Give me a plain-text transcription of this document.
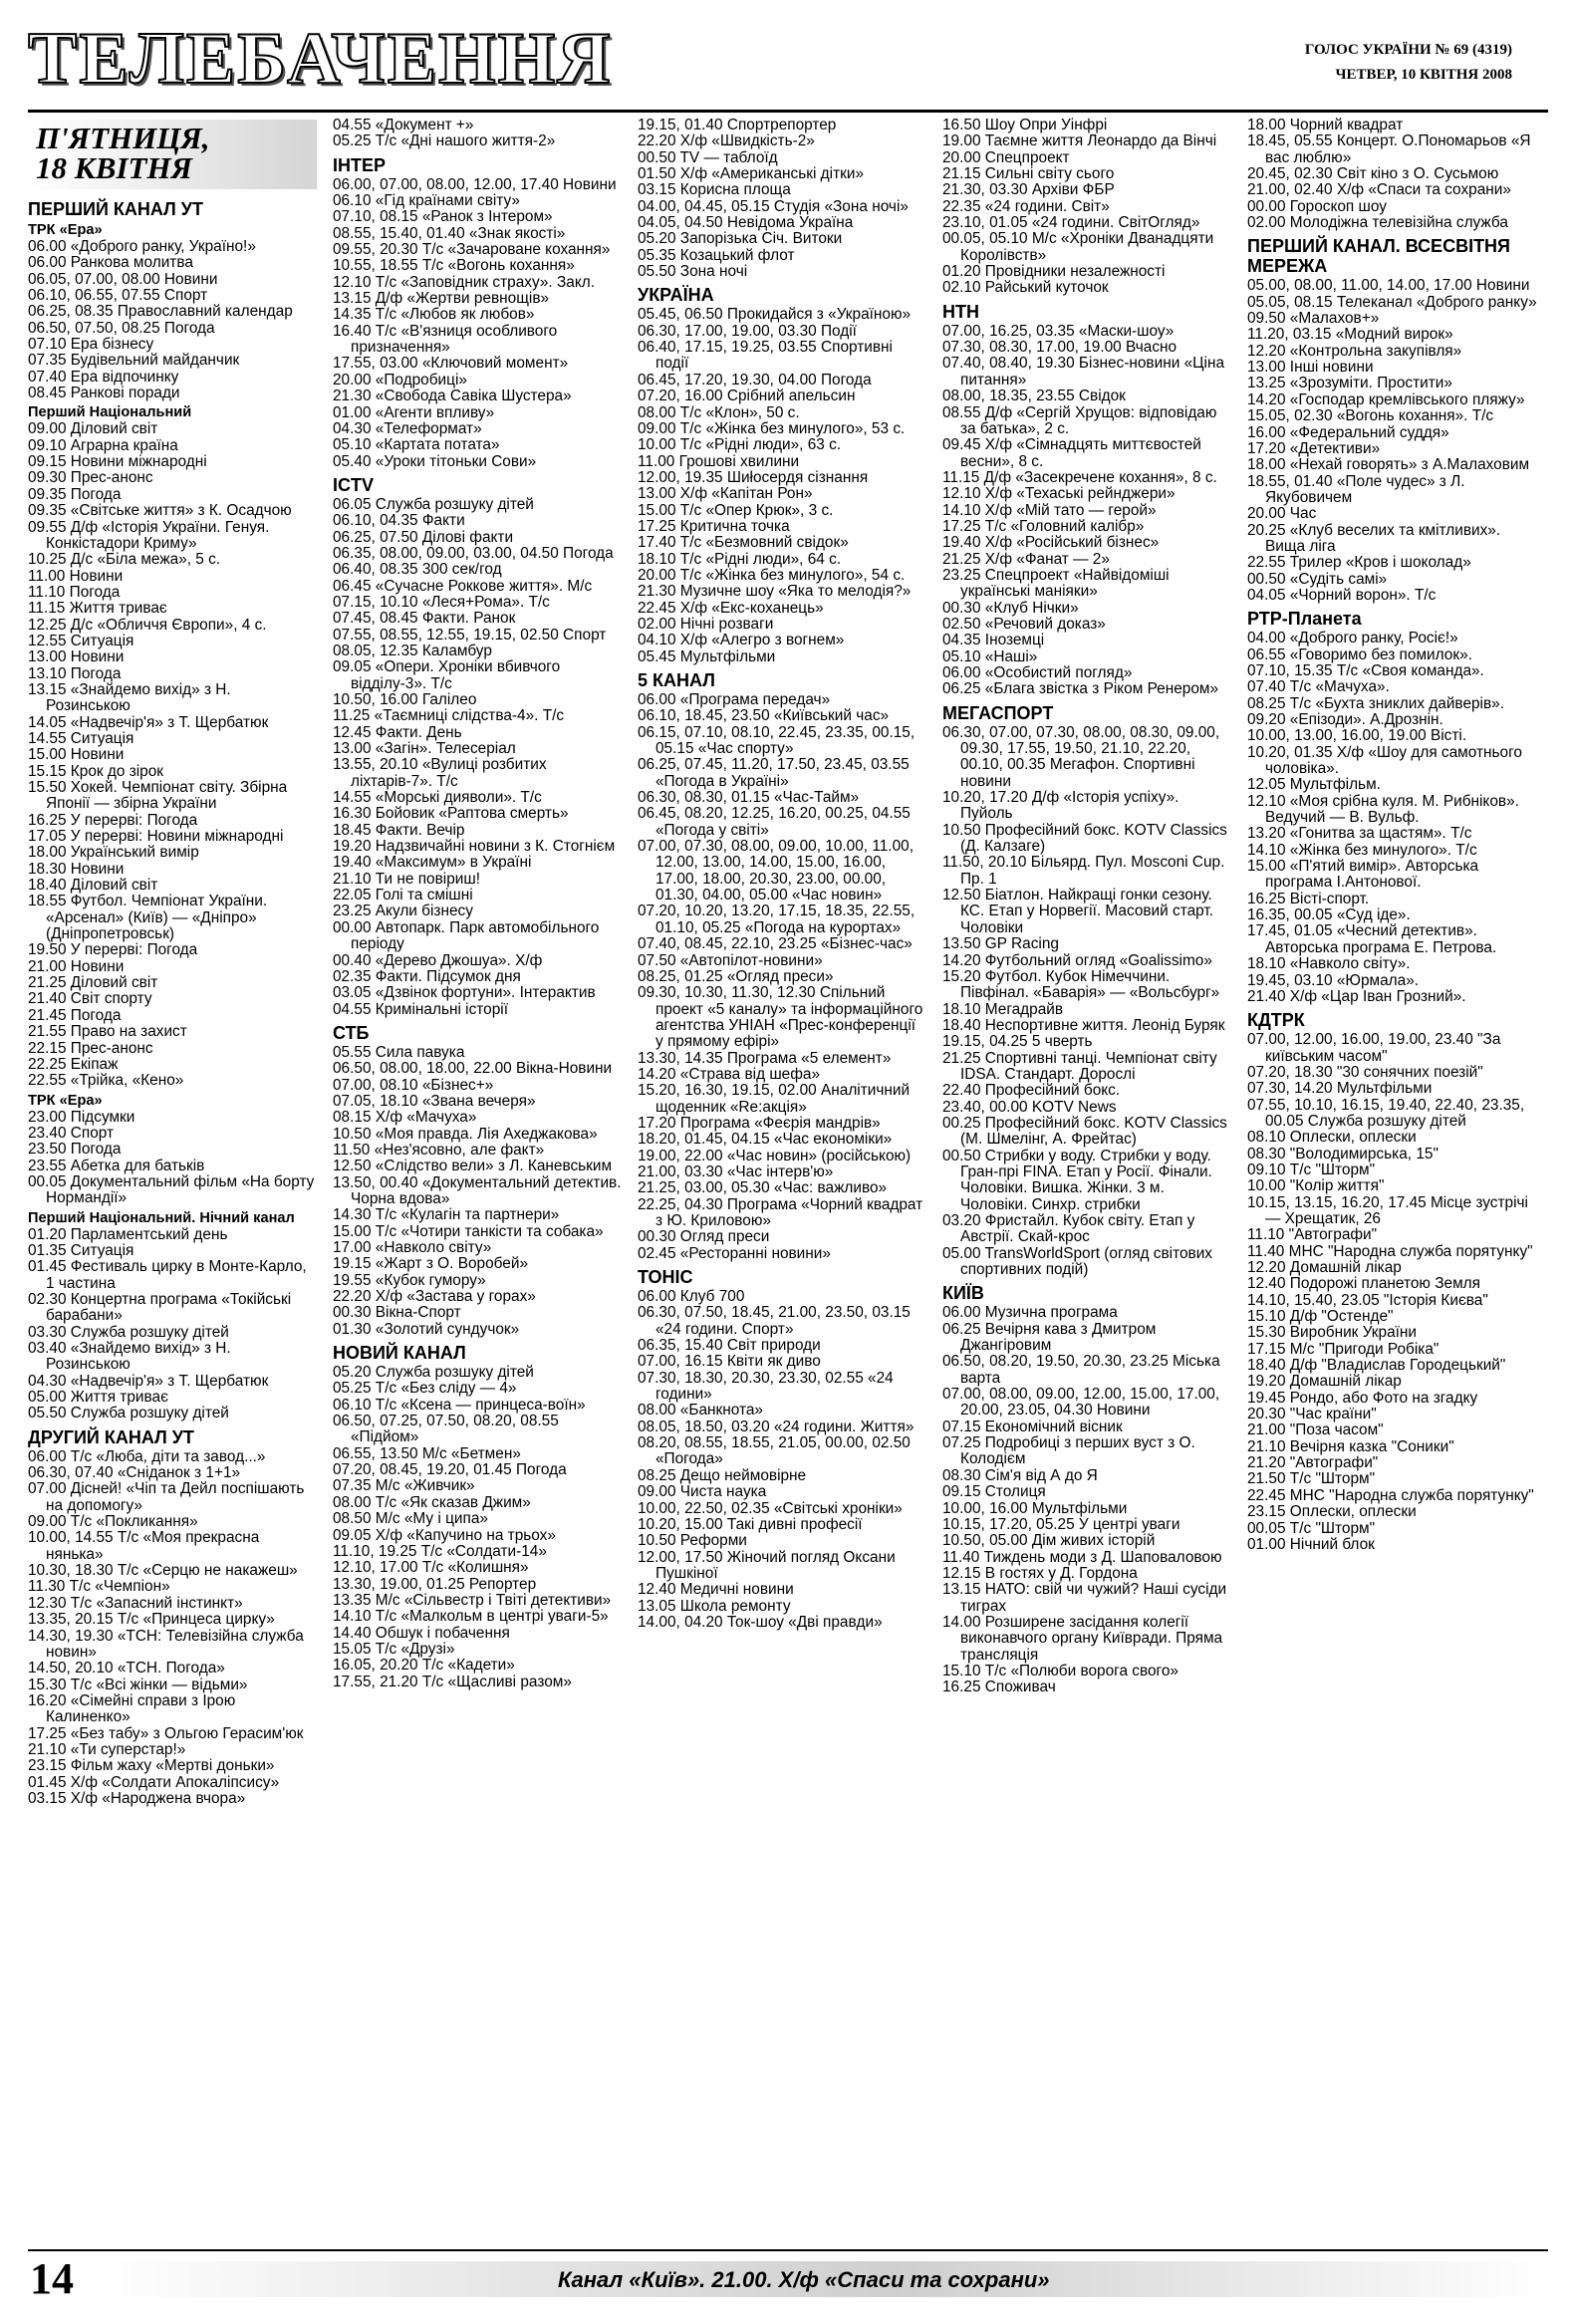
ТЕЛЕБАЧЕННЯ	ГОЛОС УКРАЇНИ № 69 (4319)
ЧЕТВЕР, 10 КВІТНЯ 2008
П'ЯТНИЦЯ,
18 КВІТНЯ
ПЕРШИЙ КАНАЛ УТ
ТРК «Ера»

06.00 «Доброго ранку, Україно!»

06.00 Ранкова молитва

06.05, 07.00, 08.00 Новини

06.10, 06.55, 07.55 Спорт

06.25, 08.35 Православний календар

06.50, 07.50, 08.25 Погода

07.10 Ера бізнесу

07.35 Будівельний майданчик

07.40 Ера відпочинку

08.45 Ранкові поради

Перший Національний

09.00 Діловий світ

09.10 Аграрна країна

09.15 Новини міжнародні

09.30 Прес-анонс

09.35 Погода

09.35 «Світське життя» з К. Осадчою

09.55 Д/ф «Історія України. Генуя. Конкістадори Криму»

10.25 Д/с «Біла межа», 5 с.

11.00 Новини

11.10 Погода

11.15 Життя триває

12.25 Д/с «Обличчя Європи», 4 с.

12.55 Ситуація

13.00 Новини

13.10 Погода

13.15 «Знайдемо вихід» з Н. Розинською

14.05 «Надвечір'я» з Т. Щербатюк

14.55 Ситуація

15.00 Новини

15.15 Крок до зірок

15.50 Хокей. Чемпіонат світу. Збірна Японії — збірна України

16.25 У перерві: Погода

17.05 У перерві: Новини міжнародні

18.00 Український вимір

18.30 Новини

18.40 Діловий світ

18.55 Футбол. Чемпіонат України. «Арсенал» (Київ) — «Дніпро» (Дніпропетровськ)

19.50 У перерві: Погода

21.00 Новини

21.25 Діловий світ

21.40 Світ спорту

21.45 Погода

21.55 Право на захист

22.15 Прес-анонс

22.25 Екіпаж

22.55 «Трійка, «Кено»

ТРК «Ера»

23.00 Підсумки

23.40 Спорт

23.50 Погода

23.55 Абетка для батьків

00.05 Документальний фільм «На борту Нормандії»

Перший Національний. Нічний канал

01.20 Парламентський день

01.35 Ситуація

01.45 Фестиваль цирку в Монте-Карло, 1 частина

02.30 Концертна програма «Токійські барабани»

03.30 Служба розшуку дітей

03.40 «Знайдемо вихід» з Н. Розинською

04.30 «Надвечір'я» з Т. Щербатюк

05.00 Життя триває

05.50 Служба розшуку дітей

ДРУГИЙ КАНАЛ УТ

06.00 Т/с «Люба, діти та завод...»

06.30, 07.40 «Сніданок з 1+1»

07.00 Дісней! «Чіп та Дейл поспішають на допомогу»

09.00 Т/с «Покликання»

10.00, 14.55 Т/с «Моя прекрасна нянька»

10.30, 18.30 Т/с «Серцю не накажеш»

11.30 Т/с «Чемпіон»

12.30 Т/с «Запасний інстинкт»

13.35, 20.15 Т/с «Принцеса цирку»

14.30, 19.30 «ТСН: Телевізійна служба новин»

14.50, 20.10 «ТСН. Погода»

15.30 Т/с «Всі жінки — відьми»

16.20 «Сімейні справи з Ірою Калиненко»

17.25 «Без табу» з Ольгою Герасим'юк

21.10 «Ти суперстар!»

23.15 Фільм жаху «Мертві доньки»

01.45 Х/ф «Солдати Апокаліпсису»

03.15 Х/ф «Народжена вчора»

04.55 «Документ +»

05.25 Т/с «Дні нашого життя-2»

ІНТЕР

06.00, 07.00, 08.00, 12.00, 17.40 Новини

06.10 «Гід країнами світу»

07.10, 08.15 «Ранок з Інтером»

08.55, 15.40, 01.40 «Знак якості»

09.55, 20.30 Т/с «Зачароване кохання»

10.55, 18.55 Т/с «Вогонь кохання»

12.10 Т/с «Заповідник страху». Закл.

13.15 Д/ф «Жертви ревнощів»

14.35 Т/с «Любов як любов»

16.40 Т/с «В'язниця особливого призначення»

17.55, 03.00 «Ключовий момент»

20.00 «Подробиці»

21.30 «Свобода Савіка Шустера»

01.00 «Агенти впливу»

04.30 «Телеформат»

05.10 «Картата потата»

05.40 «Уроки тітоньки Сови»

ICTV

06.05 Служба розшуку дітей

06.10, 04.35 Факти

06.25, 07.50 Ділові факти

06.35, 08.00, 09.00, 03.00, 04.50 Погода

06.40, 08.35 300 сек/год

06.45 «Сучасне Роккове життя». М/с

07.15, 10.10 «Леся+Рома». Т/с

07.45, 08.45 Факти. Ранок

07.55, 08.55, 12.55, 19.15, 02.50 Спорт

08.05, 12.35 Каламбур

09.05 «Опери. Хроніки вбивчого відділу-3». Т/с

10.50, 16.00 Галілео

11.25 «Таємниці слідства-4». Т/с

12.45 Факти. День

13.00 «Загін». Телесеріал

13.55, 20.10 «Вулиці розбитих ліхтарів-7». Т/с

14.55 «Морські дияволи». Т/с

16.30 Бойовик «Раптова смерть»

18.45 Факти. Вечір

19.20 Надзвичайні новини з К. Стогнієм

19.40 «Максимум» в Україні

21.10 Ти не повіриш!

22.05 Голі та смішні

23.25 Акули бізнесу

00.00 Автопарк. Парк автомобільного періоду

00.40 «Дерево Джошуа». Х/ф

02.35 Факти. Підсумок дня

03.05 «Дзвінок фортуни». Інтерактив

04.55 Кримінальні історії

СТБ

05.55 Сила павука

06.50, 08.00, 18.00, 22.00 Вікна-Новини

07.00, 08.10 «Бізнес+»

07.05, 18.10 «Звана вечеря»

08.15 Х/ф «Мачуха»

10.50 «Моя правда. Лія Ахеджакова»

11.50 «Нез'ясовно, але факт»

12.50 «Слідство вели» з Л. Каневським

13.50, 00.40 «Документальний детектив. Чорна вдова»

14.30 Т/с «Кулагін та партнери»

15.00 Т/с «Чотири танкісти та собака»

17.00 «Навколо світу»

19.15 «Жарт з О. Воробей»

19.55 «Кубок гумору»

22.20 Х/ф «Застава у горах»

00.30 Вікна-Спорт

01.30 «Золотий сундучок»

НОВИЙ КАНАЛ

05.20 Служба розшуку дітей

05.25 Т/с «Без сліду — 4»

06.10 Т/с «Ксена — принцеса-воїн»

06.50, 07.25, 07.50, 08.20, 08.55 «Підйом»

06.55, 13.50 М/с «Бетмен»

07.20, 08.45, 19.20, 01.45 Погода

07.35 М/с «Живчик»

08.00 Т/с «Як сказав Джим»

08.50 М/с «Му і ципа»

09.05 Х/ф «Капучино на трьох»

11.10, 19.25 Т/с «Солдати-14»

12.10, 17.00 Т/с «Колишня»

13.30, 19.00, 01.25 Репортер

13.35 М/с «Сільвестр і Твіті детективи»

14.10 Т/с «Малкольм в центрі уваги-5»

14.40 Обшук і побачення

15.05 Т/с «Друзі»

16.05, 20.20 Т/с «Кадети»

17.55, 21.20 Т/с «Щасливі разом»

19.15, 01.40 Спортрепортер

22.20 Х/ф «Швидкість-2»

00.50 TV — таблоїд

01.50 Х/ф «Американські дітки»

03.15 Корисна площа

04.00, 04.45, 05.15 Студія «Зона ночі»

04.05, 04.50 Невідома Україна

05.20 Запорізька Січ. Витоки

05.35 Козацький флот

05.50 Зона ночі

УКРАЇНА

05.45, 06.50 Прокидайся з «Україною»

06.30, 17.00, 19.00, 03.30 Події

06.40, 17.15, 19.25, 03.55 Спортивні події

06.45, 17.20, 19.30, 04.00 Погода

07.20, 16.00 Срібний апельсин

08.00 Т/с «Клон», 50 с.

09.00 Т/с «Жінка без минулого», 53 с.

10.00 Т/с «Рідні люди», 63 с.

11.00 Грошові хвилини

12.00, 19.35 Шиłосердя сізнання

13.00 Х/ф «Капітан Рон»

15.00 Т/с «Опер Крюк», 3 с.

17.25 Критична точка

17.40 Т/с «Безмовний свідок»

18.10 Т/с «Рідні люди», 64 с.

20.00 Т/с «Жінка без минулого», 54 с.

21.30 Музичне шоу «Яка то мелодія?»

22.45 Х/ф «Екс-коханець»

02.00 Нічні розваги

04.10 Х/ф «Алегро з вогнем»

05.45 Мультфільми

5 КАНАЛ

06.00 «Програма передач»

06.10, 18.45, 23.50 «Київський час»

06.15, 07.10, 08.10, 22.45, 23.35, 00.15, 05.15 «Час спорту»

06.25, 07.45, 11.20, 17.50, 23.45, 03.55 «Погода в Україні»

06.30, 08.30, 01.15 «Час-Тайм»

06.45, 08.20, 12.25, 16.20, 00.25, 04.55 «Погода у світі»

07.00, 07.30, 08.00, 09.00, 10.00, 11.00, 12.00, 13.00, 14.00, 15.00, 16.00, 17.00, 18.00, 20.30, 23.00, 00.00, 01.30, 04.00, 05.00 «Час новин»

07.20, 10.20, 13.20, 17.15, 18.35, 22.55, 01.10, 05.25 «Погода на курортах»

07.40, 08.45, 22.10, 23.25 «Бізнес-час»

07.50 «Автопілот-новини»

08.25, 01.25 «Огляд преси»

09.30, 10.30, 11.30, 12.30 Спільний проект «5 каналу» та інформаційного агентства УНІАН «Прес-конференції у прямому ефірі»

13.30, 14.35 Програма «5 елемент»

14.20 «Страва від шефа»

15.20, 16.30, 19.15, 02.00 Аналітичний щоденник «Re:акція»

17.20 Програма «Феєрія мандрів»

18.20, 01.45, 04.15 «Час економіки»

19.00, 22.00 «Час новин» (російською)

21.00, 03.30 «Час інтерв'ю»

21.25, 03.00, 05.30 «Час: важливо»

22.25, 04.30 Програма «Чорний квадрат з Ю. Криловою»

00.30 Огляд преси

02.45 «Ресторанні новини»

ТОНІС

06.00 Клуб 700

06.30, 07.50, 18.45, 21.00, 23.50, 03.15 «24 години. Спорт»

06.35, 15.40 Світ природи

07.00, 16.15 Квіти як диво

07.30, 18.30, 20.30, 23.30, 02.55 «24 години»

08.00 «Банкнота»

08.05, 18.50, 03.20 «24 години. Життя»

08.20, 08.55, 18.55, 21.05, 00.00, 02.50 «Погода»

08.25 Дещо неймовірне

09.00 Чиста наука

10.00, 22.50, 02.35 «Світські хроніки»

10.20, 15.00 Такі дивні професії

10.50 Реформи

12.00, 17.50 Жіночий погляд Оксани Пушкіної

12.40 Медичні новини

13.05 Школа ремонту

14.00, 04.20 Ток-шоу «Дві правди»

16.50 Шоу Опри Уінфрі

19.00 Таємне життя Леонардо да Вінчі

20.00 Спецпроект

21.15 Сильні світу сього

21.30, 03.30 Архіви ФБР

22.35 «24 години. Світ»

23.10, 01.05 «24 години. СвітОгляд»

00.05, 05.10 М/с «Хроніки Дванадцяти Королівств»

01.20 Провідники незалежності

02.10 Райський куточок

НТН

07.00, 16.25, 03.35 «Маски-шоу»

07.30, 08.30, 17.00, 19.00 Вчасно

07.40, 08.40, 19.30 Бізнес-новини «Ціна питання»

08.00, 18.35, 23.55 Свідок

08.55 Д/ф «Сергій Хрущов: відповідаю за батька», 2 с.

09.45 Х/ф «Сімнадцять миттєвостей весни», 8 с.

11.15 Д/ф «Засекречене кохання», 8 с.

12.10 Х/ф «Техаські рейнджери»

14.10 Х/ф «Мій тато — герой»

17.25 Т/с «Головний калібр»

19.40 Х/ф «Російський бізнес»

21.25 Х/ф «Фанат — 2»

23.25 Спецпроект «Найвідоміші українські маніяки»

00.30 «Клуб Нічки»

02.50 «Речовий доказ»

04.35 Іноземці

05.10 «Наші»

06.00 «Особистий погляд»

06.25 «Блага звістка з Ріком Ренером»

МЕГАСПОРТ

06.30, 07.00, 07.30, 08.00, 08.30, 09.00, 09.30, 17.55, 19.50, 21.10, 22.20, 00.10, 00.35 Мегафон. Спортивні новини

10.20, 17.20 Д/ф «Історія успіху». Пуйоль

10.50 Професійний бокс. KOTV Classics (Д. Калзаге)

11.50, 20.10 Більярд. Пул. Mosconi Cup. Пр. 1

12.50 Біатлон. Найкращі гонки сезону. КС. Етап у Норвегії. Масовий старт. Чоловіки

13.50 GP Racing

14.20 Футбольний огляд «Goalissimo»

15.20 Футбол. Кубок Німеччини. Півфінал. «Баварія» — «Вольсбург»

18.10 Мегадрайв

18.40 Неспортивне життя. Леонід Буряк

19.15, 04.25 5 чверть

21.25 Спортивні танці. Чемпіонат світу IDSA. Стандарт. Дорослі

22.40 Професійний бокс.

23.40, 00.00 KOTV News

00.25 Професійний бокс. KOTV Classics (М. Шмелінг, А. Фрейтас)

00.50 Стрибки у воду. Стрибки у воду. Гран-прі FINA. Етап у Росії. Фінали. Чоловіки. Вишка. Жінки. 3 м. Чоловіки. Синхр. стрибки

03.20 Фристайл. Кубок світу. Етап у Австрії. Скай-крос

05.00 TransWorldSport (огляд світових спортивних подій)

КИЇВ

06.00 Музична програма

06.25 Вечірня кава з Дмитром Джангіровим

06.50, 08.20, 19.50, 20.30, 23.25 Міська варта

07.00, 08.00, 09.00, 12.00, 15.00, 17.00, 20.00, 23.05, 04.30 Новини

07.15 Економічний вісник

07.25 Подробиці з перших вуст з О. Колодієм

08.30 Сім'я від А до Я

09.15 Столиця

10.00, 16.00 Мультфільми

10.15, 17.20, 05.25 У центрі уваги

10.50, 05.00 Дім живих історій

11.40 Тиждень моди з Д. Шаповаловою

12.15 В гостях у Д. Гордона

13.15 НАТО: свій чи чужий? Наші сусіди тиграх

14.00 Розширене засідання колегії виконавчого органу Київради. Пряма трансляція

15.10 Т/с «Полюби ворога свого»

16.25 Споживач

18.00 Чорний квадрат

18.45, 05.55 Концерт. О.Пономарьов «Я вас люблю»

20.45, 02.30 Світ кіно з О. Сусьмою

21.00, 02.40 Х/ф «Спаси та сохрани»

00.00 Гороскоп шоу

02.00 Молодіжна телевізійна служба

ПЕРШИЙ КАНАЛ. ВСЕСВІТНЯ МЕРЕЖА

05.00, 08.00, 11.00, 14.00, 17.00 Новини

05.05, 08.15 Телеканал «Доброго ранку»

09.50 «Малахов+»

11.20, 03.15 «Модний вирок»

12.20 «Контрольна закупівля»

13.00 Інші новини

13.25 «Зрозуміти. Простити»

14.20 «Господар кремлівського пляжу»

15.05, 02.30 «Вогонь кохання». Т/с

16.00 «Федеральний суддя»

17.20 «Детективи»

18.00 «Нехай говорять» з А.Малаховим

18.55, 01.40 «Поле чудес» з Л. Якубовичем

20.00 Час

20.25 «Клуб веселих та кмітливих». Вища ліга

22.55 Трилер «Кров і шоколад»

00.50 «Судіть самі»

04.05 «Чорний ворон». Т/с

РТР-Планета

04.00 «Доброго ранку, Росіє!»

06.55 «Говоримо без помилок».

07.10, 15.35 Т/с «Своя команда».

07.40 Т/с «Мачуха».

08.25 Т/с «Бухта зниклих дайверів».

09.20 «Епізоди». А.Дрознін.

10.00, 13.00, 16.00, 19.00 Вісті.

10.20, 01.35 Х/ф «Шоу для самотнього чоловіка».

12.05 Мультфільм.

12.10 «Моя срібна куля. М. Рибніков». Ведучий — В. Вульф.

13.20 «Гонитва за щастям». Т/с

14.10 «Жінка без минулого». Т/с

15.00 «П'ятий вимір». Авторська програма І.Антонової.

16.25 Вісті-спорт.

16.35, 00.05 «Суд іде».

17.45, 01.05 «Чесний детектив». Авторська програма Е. Петрова.

18.10 «Навколо світу».

19.45, 03.10 «Юрмала».

21.40 Х/ф «Цар Іван Грозний».

КДТРК

07.00, 12.00, 16.00, 19.00, 23.40 "За київським часом"

07.20, 18.30 "30 сонячних поезій"

07.30, 14.20 Мультфільми

07.55, 10.10, 16.15, 19.40, 22.40, 23.35, 00.05 Служба розшуку дітей

08.10 Оплески, оплески

08.30 "Володимирська, 15"

09.10 Т/с "Шторм"

10.00 "Колір життя"

10.15, 13.15, 16.20, 17.45 Місце зустрічі — Хрещатик, 26

11.10 "Автографи"

11.40 МНС "Народна служба порятунку"

12.20 Домашній лікар

12.40 Подорожі планетою Земля

14.10, 15.40, 23.05 "Історія Києва"

15.10 Д/ф "Остенде"

15.30 Виробник України

17.15 М/с "Пригоди Робіка"

18.40 Д/ф "Владислав Городецький"

19.20 Домашній лікар

19.45 Рондо, або Фото на згадку

20.30 "Час країни"

21.00 "Поза часом"

21.10 Вечірня казка "Соники"

21.20 "Автографи"

21.50 Т/с "Шторм"

22.45 МНС "Народна служба порятунку"

23.15 Оплески, оплески

00.05 Т/с "Шторм"

01.00 Нічний блок

14	Канал «Київ». 21.00. Х/ф «Спаси та сохрани»
